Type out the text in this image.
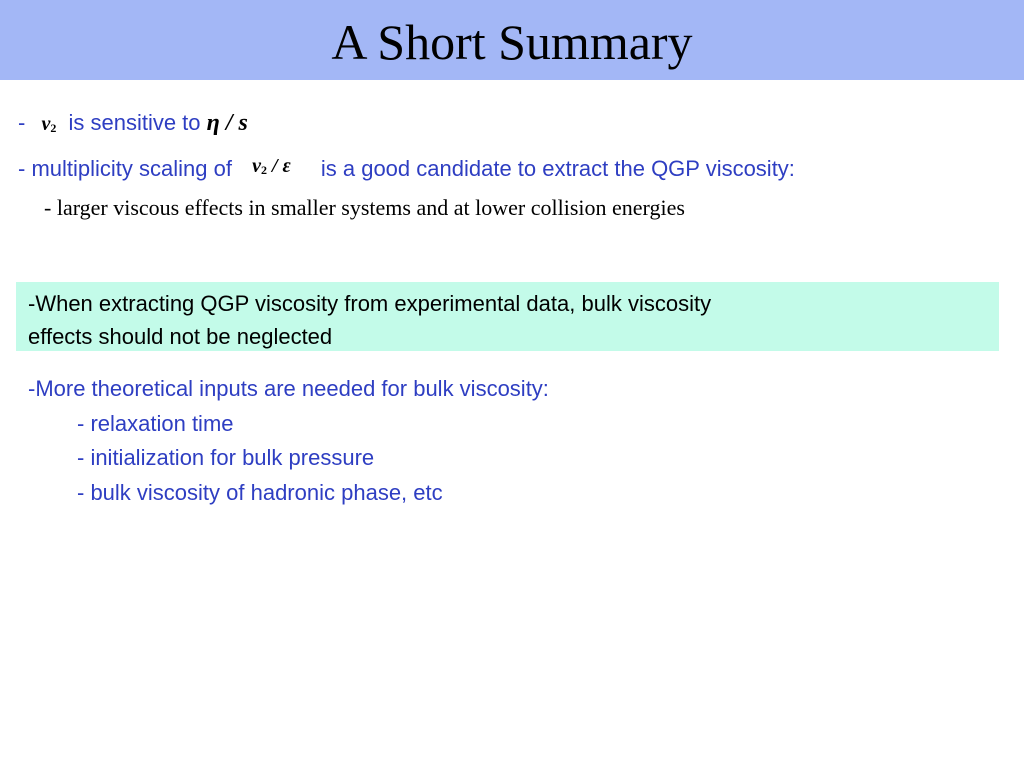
A Short Summary
- $v_2$ is sensitive to η / s
- multiplicity scaling of $v_2$ / ε is a good candidate to extract the QGP viscosity:
- larger viscous effects in smaller systems and at lower collision energies
-When extracting QGP viscosity from experimental data, bulk viscosity
effects should not be neglected
-More theoretical inputs are needed for bulk viscosity:
- relaxation time
- initialization for bulk pressure
- bulk viscosity of hadronic phase, etc
